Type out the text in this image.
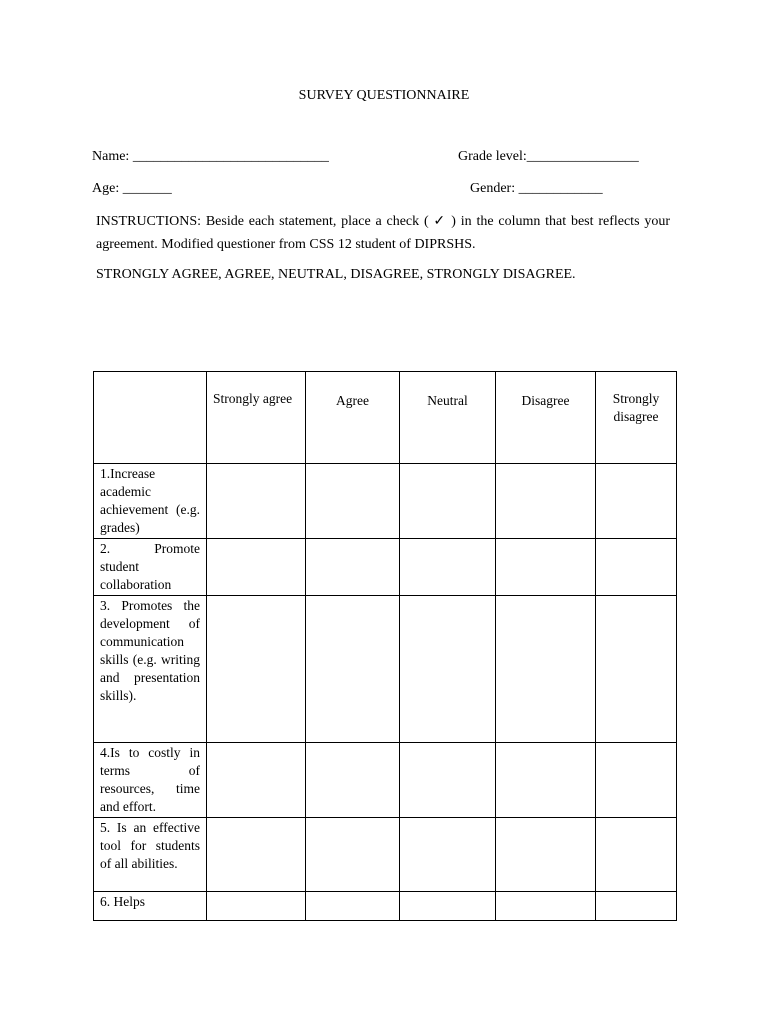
SURVEY QUESTIONNAIRE
Name: ____________________________	Grade level:________________
Age: _______	Gender: ____________
INSTRUCTIONS: Beside each statement, place a check ( ✓ ) in the column that best reflects your agreement. Modified questioner from CSS 12 student of DIPRSHS.
STRONGLY AGREE, AGREE, NEUTRAL, DISAGREE, STRONGLY DISAGREE.

	Strongly agree	Agree	Neutral	Disagree	Strongly disagree

1.Increase academic achievement (e.g. grades)					

2. Promote student collaboration					

3. Promotes the development of communication skills (e.g. writing and presentation skills).					

4.Is to costly in terms of resources, time and effort.					

5. Is an effective tool for students of all abilities.					

6. Helps					
